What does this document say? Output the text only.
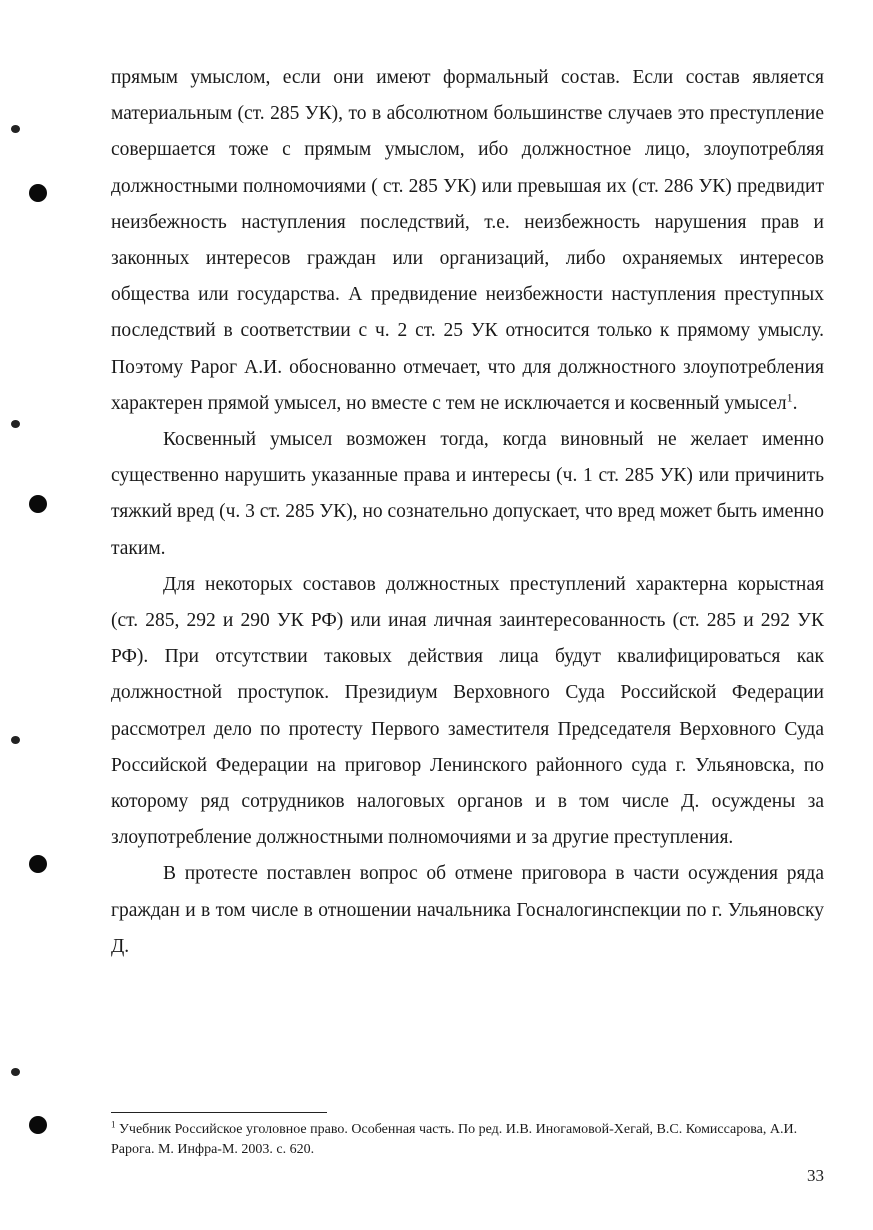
прямым умыслом, если они имеют формальный состав. Если состав является материальным (ст. 285 УК), то в абсолютном большинстве случаев это преступление совершается тоже с прямым умыслом, ибо должностное лицо, злоупотребляя должностными полномочиями ( ст. 285 УК) или превышая их (ст. 286 УК) предвидит неизбежность наступления последствий, т.е. неизбежность нарушения прав и законных интересов граждан или организаций, либо охраняемых интересов общества или государства. А предвидение неизбежности наступления преступных последствий в соответствии с ч. 2 ст. 25 УК относится только к прямому умыслу. Поэтому Рарог А.И. обоснованно отмечает, что для должностного злоупотребления характерен прямой умысел, но вместе с тем не исключается и косвенный умысел$^1$.

Косвенный умысел возможен тогда, когда виновный не желает именно существенно нарушить указанные права и интересы (ч. 1 ст. 285 УК) или причинить тяжкий вред (ч. 3 ст. 285 УК), но сознательно допускает, что вред может быть именно таким.

Для некоторых составов должностных преступлений характерна корыстная (ст. 285, 292 и 290 УК РФ) или иная личная заинтересованность (ст. 285 и 292 УК РФ). При отсутствии таковых действия лица будут квалифицироваться как должностной проступок. Президиум Верховного Суда Российской Федерации рассмотрел дело по протесту Первого заместителя Председателя Верховного Суда Российской Федерации на приговор Ленинского районного суда г. Ульяновска, по которому ряд сотрудников налоговых органов и в том числе Д. осуждены за злоупотребление должностными полномочиями и за другие преступления.

В протесте поставлен вопрос об отмене приговора в части осуждения ряда граждан и в том числе в отношении начальника Госналогинспекции по г. Ульяновску Д.

$^1$ Учебник Российское уголовное право. Особенная часть. По ред. И.В. Иногамовой-Хегай, В.С. Комиссарова, А.И. Рарога. М. Инфра-М. 2003. с. 620.
33
